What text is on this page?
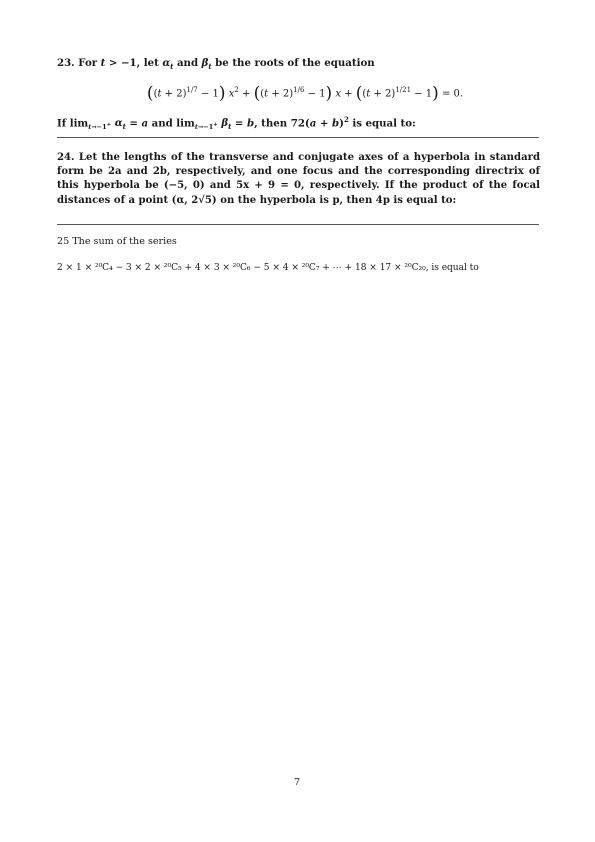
23. For t > −1, let $\alpha_t$ and $\beta_t$ be the roots of the equation
$((t + 2)^{1/7} - 1)$ $x^2 + ((t + 2)^{1/6} - 1) x + ((t + 2)^{1/21} - 1) = 0$.
If $\lim_{t\to-1^+} \alpha_t = a$ and $\lim_{t\to-1^+} \beta_t = b$, then $72(a + b)^2$ is equal to:
24. Let the lengths of the transverse and conjugate axes of a hyperbola in standard form be 2a and 2b, respectively, and one focus and the corresponding directrix of this hyperbola be (−5, 0) and 5x + 9 = 0, respectively. If the product of the focal distances of a point (α, 2√5) on the hyperbola is p, then 4p is equal to:
25 The sum of the series
2 × 1 × ²⁰C₄ − 3 × 2 × ²⁰C₅ + 4 × 3 × ²⁰C₆ − 5 × 4 × ²⁰C₇ + ⋯ + 18 × 17 × ²⁰C₂₀, is equal to
7
